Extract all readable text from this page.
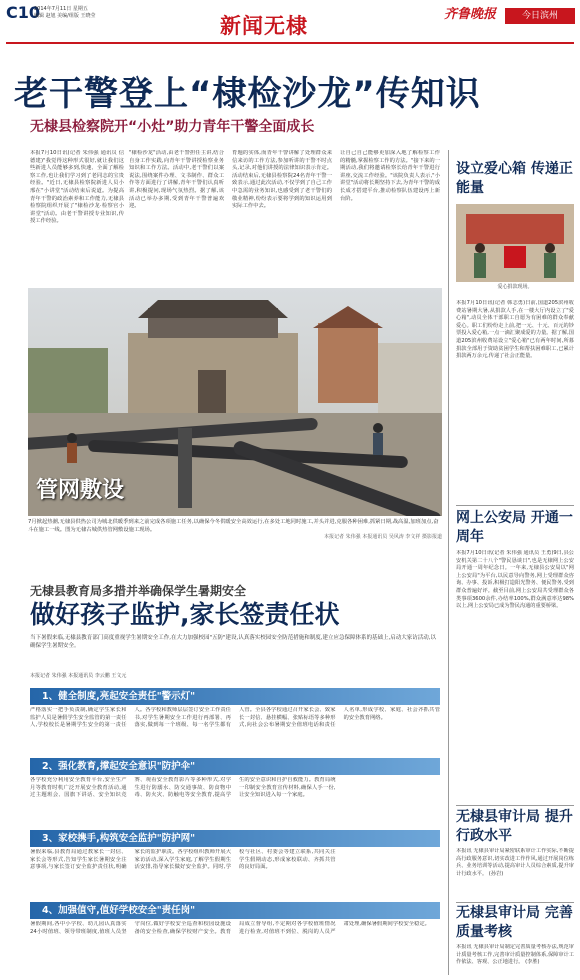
C10
2014年7月11日 星期五
编辑 赵旭 美编/组版 王晓莹	新闻无棣	齐鲁晚报	今日滨州
老干警登上“棣检沙龙”传知识
无棣县检察院开“小灶”助力青年干警全面成长
本报7月10日讯(记者 朱伟强 通讯员 信德建)"我觉得这种形式很好,就让我们这些新进人员能够多到,快速、全面了解检察工作,也让我们学习到了老同志的宝贵经验。"近日,无棣县检察院新进人员小邢在"小讲堂"活动结束后说道。为提高青年干警的政治素养和工作能力,无棣县检察院组织开展了"棣检沙龙·检察官小讲堂"活动。由老干警讲授专业知识,传授工作经验。
"棣检沙龙"活动,由老干警担任主讲,结合自身工作实践,向青年干警讲授检察业务知识和工作方法。活动中,老干警们以案说法,围绕案件办理、文书制作、群众工作等方面进行了讲解,青年干警们认真听讲,积极提问,现场气氛热烈。据了解,该活动已举办多期,受到青年干警普遍欢迎。
育题的实体,而青年干警讲解了处理群众来信来访的工作方法,参加听讲的干警不时点头,记录,对他们讲授的法律知识表示肯定。活动结束后,无棣县检察院24名青年干警一致表示,通过此次活动,不仅学到了自己工作中急需的业务知识,也感受到了老干警们的敬业精神,纷纷表示要将学到的知识运用到实际工作中去。
让自己自己能够更加深入地了解检察工作的精髓,掌握检察工作的方法。"接下来的一期活动,我们将邀请检察长给青年干警进行讲座,交流工作经验。"该院负责人表示,"小讲堂"活动将长期坚持下去,为青年干警的成长成才搭建平台,推动检察队伍建设再上新台阶。
管网敷设
7月掀起热潮,无棣县供热公司为城北供暖季到来之前完成各项施工任务,以确保今冬供暖安全高效运行,在多处工地同时施工,并头并进,克服各种困难,抓紧日期,战高温,加班加点,奋斗在施工一线。图为无棣古城供热管网敷设施工现场。
本报记者 朱伟强 本报通讯员 吴风涛 李文祥 摄影报道
无棣县教育局多措并举确保学生暑期安全
做好孩子监护,家长签责任状
当下暑假来临,无棣县教育部门高度重视学生暑期安全工作,在大力加强校园"五防"建设,认真落实校园安全防范措施和制度,建立应急保障体系的基础上,启动大家访活动,以确保学生暑期安全。
本报记者 朱伟强 本报通讯员 李云鹏 王文元
1、健全制度,亮起安全责任"警示灯"
严格落实一把手负责制,确定学生家长和监护人员是暑假学生安全监管的第一责任人,学校校长是暑期学生安全的第一责任人。各学校和教师层层签订安全工作责任书,对学生暑期安全工作进行再部署、再落实,做到每一个班级、每一名学生都有人管。全县各学校通过召开家长会、致家长一封信、悬挂横幅、张贴标语等多种形式,向社会公布暑期安全值班电话和责任人名单,形成学校、家庭、社会齐抓共管的安全教育网络。
2、强化教育,撑起安全意识"防护伞"
各学校充分利用安全教育平台,安全生产月等教育时机广泛开展安全教育活动,通过主题班会、国旗下讲话、安全知识竞赛、观看安全教育影片等多种形式,对学生进行防溺水、防交通事故、防食物中毒、防火灾、防触电等安全教育,提高学生的安全意识和自护自救能力。教育局统一印制安全教育宣传材料,确保人手一份,让安全知识进入每一个家庭。
3、家校携手,构筑安全监护"防护网"
暑假来临,县教育局通过教家长一封信、家长会等形式,告知学生家长暑期安全注意事项,与家长签订安全监护责任状,明确家长的监护职责。各学校组织教师开展大家访活动,深入学生家庭,了解学生假期生活安排,指导家长做好安全监护。同时,学校与社区、村委会等建立联系,共同关注学生假期动态,形成家校联动、齐抓共管的良好局面。
4、加强值守,值好学校安全"责任岗"
暑假期间,各中小学校、幼儿园认真落实24小时值班、领导带班制度,值班人员坚守岗位,做好学校安全巡查和校园设施设备的安全检查,确保学校财产安全。教育局成立督导组,不定期对各学校值班情况进行检查,对值班不到位、脱岗的人员严肃处理,确保暑假期间学校安全稳定。
设立爱心箱 传递正能量
爱心捐款现场。
本报7月10日讯(记者 韩志勇)日前,国道205滨州收费站暑期大暑,从捐款人手,在一楼大厅内设立了"爱心箱",动员全体干部职工自愿为有困难的群众奉献爱心。职工们纷纷走上前,把一元、十元、百元的钞票投入爱心箱,一点一滴汇聚成爱的力量。据了解,国道205滨州收费站设立"爱心箱"已有两年时间,所募捐款全部用于资助贫困学生和帮扶困难职工,已累计捐款两万余元,传递了社会正能量。
网上公安局 开通一周年
本报7月10日讯(记者 朱伟强 通讯员 王勇)9日,县公安机关第二十八个"警民恳谈日",也是无棣网上公安局开通一周年纪念日。一年来,无棣县公安局以"网上公安局"为平台,以民意导向警务,网上受理群众咨询、办事、投诉,积极打造阳光警务、便民警务,受到群众普遍好评。截至目前,网上公安局共受理群众各类事项3600余件,办结率100%,群众满意率达98%以上,网上公安局已成为警民沟通的重要桥梁。
无棣县审计局 提升行政水平
本报讯 无棣县审计局紧密联系审计工作实际,不断提高行政服务意识,切实改进工作作风,通过开展岗位练兵、业务培训等活动,提高审计人员综合素质,提升审计行政水平。 (孙岩)
无棣县审计局 完善质量考核
本报讯 无棣县审计局制定完善质量考核办法,规范审计质量考核工作,完善审计质量控制体系,保障审计工作依法、客观、公正地进行。 (李胜)
